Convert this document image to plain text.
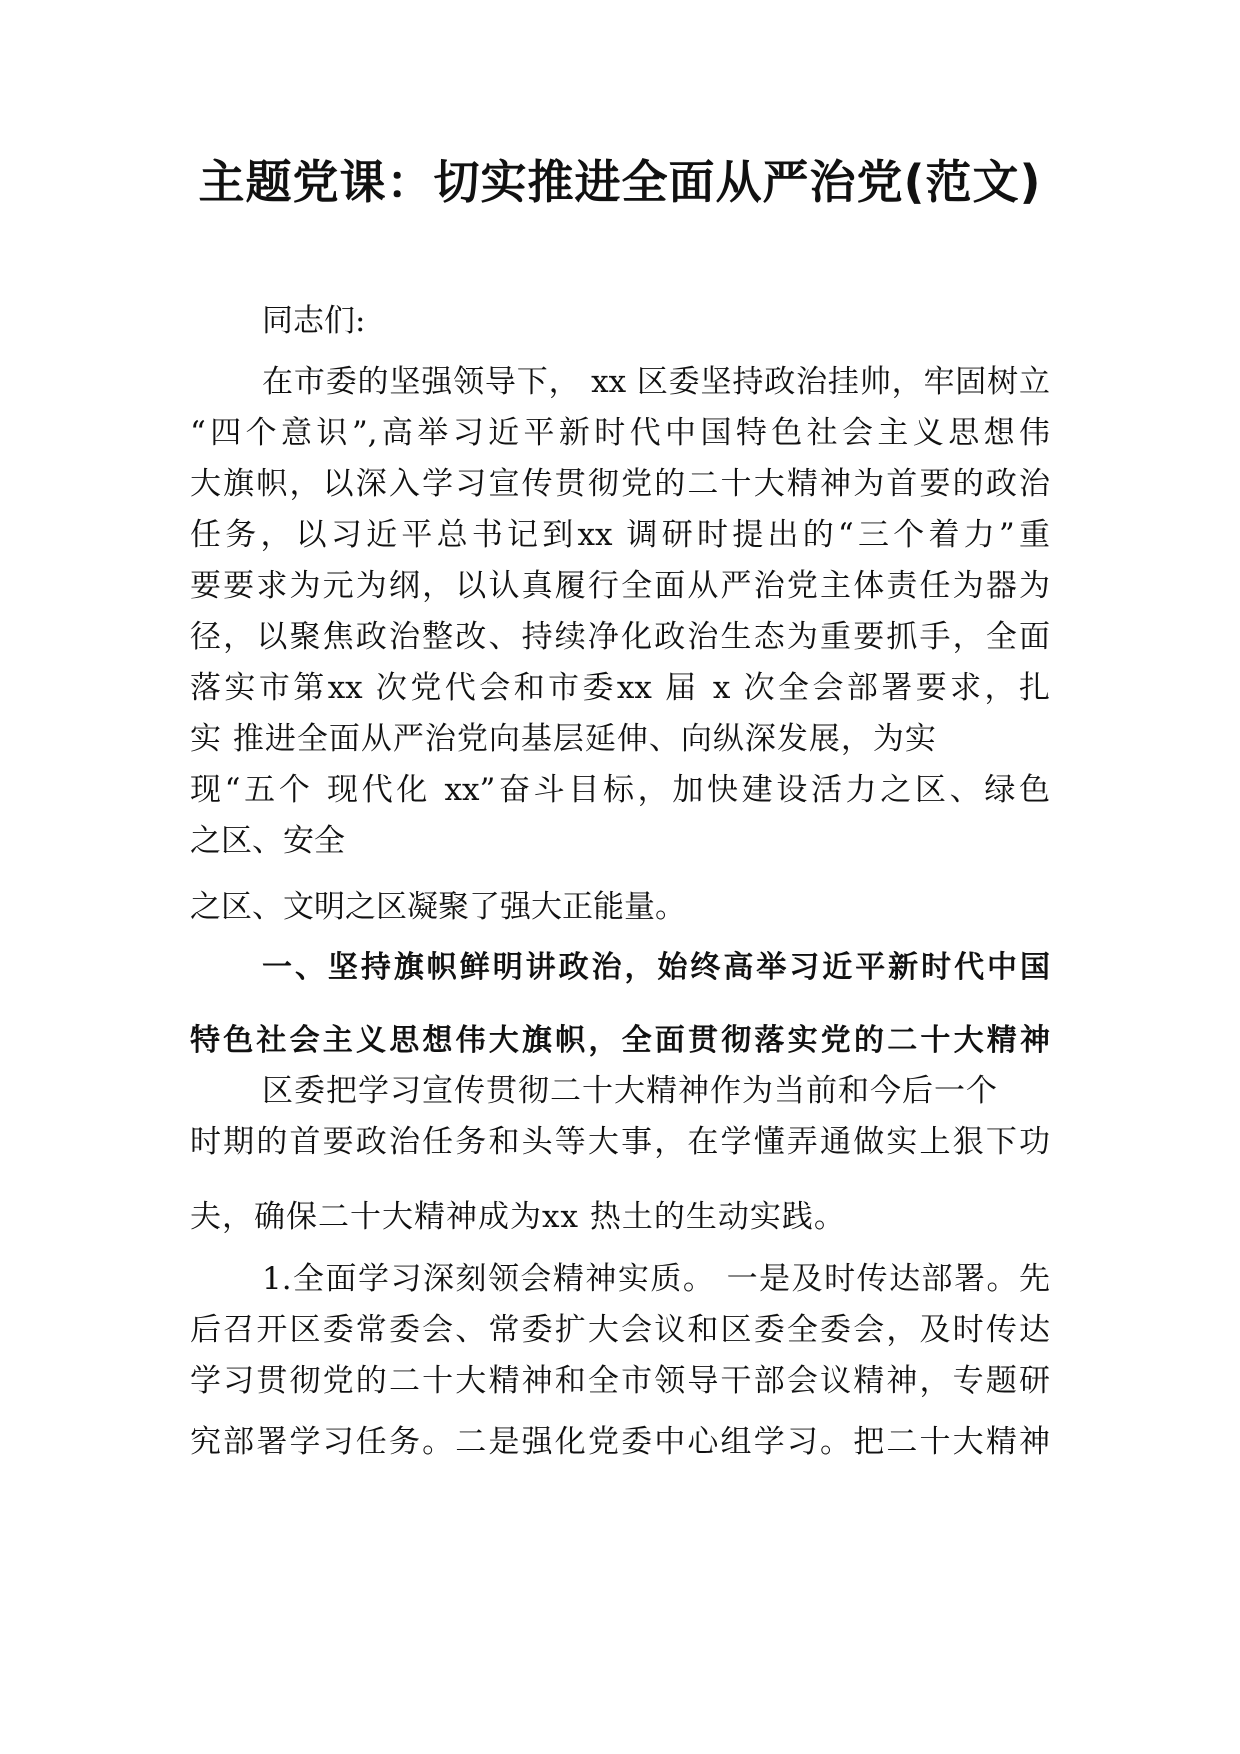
主题党课：切实推进全面从严治党(范文)

同志们:

在市委的坚强领导下， xx 区委坚持政治挂帅，牢固树立

“四个意识”,高举习近平新时代中国特色社会主义思想伟

大旗帜，以深入学习宣传贯彻党的二十大精神为首要的政治

任务，以习近平总书记到xx 调研时提出的“三个着力”重

要要求为元为纲，以认真履行全面从严治党主体责任为器为

径，以聚焦政治整改、持续净化政治生态为重要抓手，全面

落实市第xx 次党代会和市委xx 届 x 次全会部署要求，扎

实 推进全面从严治党向基层延伸、向纵深发展，为实

现“五个 现代化 xx”奋斗目标，加快建设活力之区、绿色

之区、安全

之区、文明之区凝聚了强大正能量。

一、坚持旗帜鲜明讲政治，始终高举习近平新时代中国

特色社会主义思想伟大旗帜，全面贯彻落实党的二十大精神

区委把学习宣传贯彻二十大精神作为当前和今后一个

时期的首要政治任务和头等大事，在学懂弄通做实上狠下功

夫，确保二十大精神成为xx 热土的生动实践。

1.全面学习深刻领会精神实质。 一是及时传达部署。先

后召开区委常委会、常委扩大会议和区委全委会，及时传达

学习贯彻党的二十大精神和全市领导干部会议精神，专题研

究部署学习任务。二是强化党委中心组学习。把二十大精神
